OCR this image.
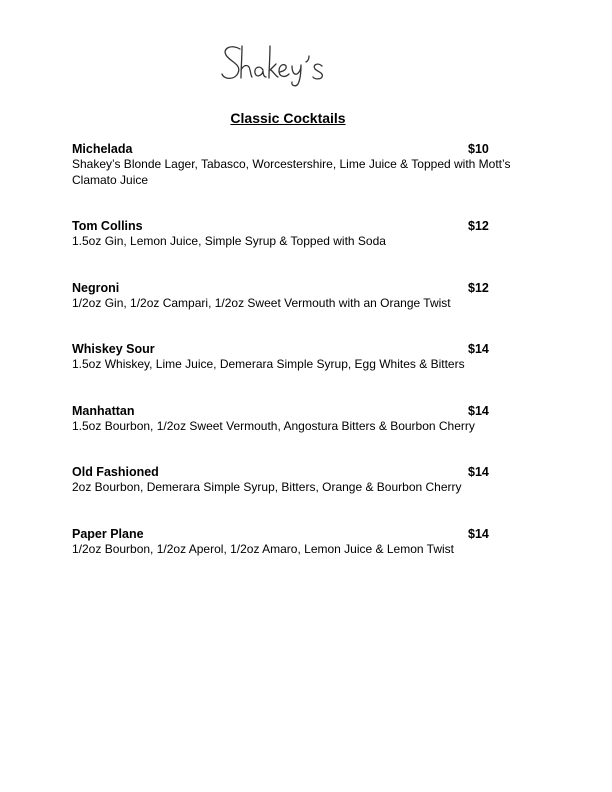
Classic Cocktails
Michelada	$10
Shakey’s Blonde Lager, Tabasco, Worcestershire, Lime Juice & Topped with Mott’s Clamato Juice
Tom Collins	$12
1.5oz Gin, Lemon Juice, Simple Syrup & Topped with Soda
Negroni	$12
1/2oz Gin, 1/2oz Campari, 1/2oz Sweet Vermouth with an Orange Twist
Whiskey Sour	$14
1.5oz Whiskey, Lime Juice, Demerara Simple Syrup, Egg Whites & Bitters
Manhattan	$14
1.5oz Bourbon, 1/2oz Sweet Vermouth, Angostura Bitters & Bourbon Cherry
Old Fashioned	$14
2oz Bourbon, Demerara Simple Syrup, Bitters, Orange & Bourbon Cherry
Paper Plane	$14
1/2oz Bourbon, 1/2oz Aperol, 1/2oz Amaro, Lemon Juice & Lemon Twist
